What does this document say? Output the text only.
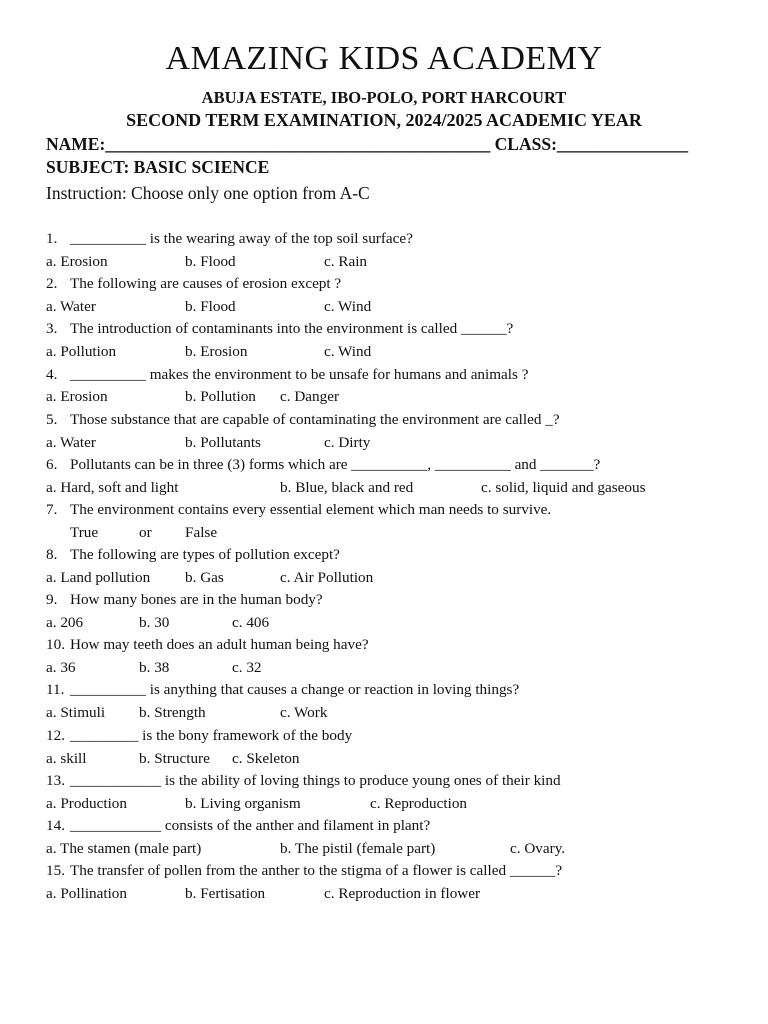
AMAZING KIDS ACADEMY
ABUJA ESTATE, IBO-POLO, PORT HARCOURT
SECOND TERM EXAMINATION, 2024/2025 ACADEMIC YEAR
NAME:____________________________________________ CLASS:_______________
SUBJECT: BASIC SCIENCE
Instruction: Choose only one option from A-C
1. __________ is the wearing away of the top soil surface?
a. Erosion	b. Flood	c. Rain
2. The following are causes of erosion except ?
a. Water	b. Flood	c. Wind
3. The introduction of contaminants into the environment is called ______?
a. Pollution	b. Erosion	c. Wind
4. __________ makes the environment to be unsafe for humans and animals ?
a. Erosion	b. Pollution c. Danger
5. Those substance that are capable of contaminating the environment are called _?
a. Water	b. Pollutants	c. Dirty
6. Pollutants can be in three (3) forms which are __________, __________ and _______?
a. Hard, soft and light	b. Blue, black and red	c. solid, liquid and gaseous
7. The environment contains every essential element which man needs to survive.
True	or False
8. The following are types of pollution except?
a. Land pollution b. Gas	c. Air Pollution
9. How many bones are in the human body?
a. 206	b. 30	c. 406
10. How may teeth does an adult human being have?
a. 36	b. 38	c. 32
11. __________ is anything that causes a change or reaction in loving things?
a. Stimuli b. Strength	c. Work
12. _________ is the bony framework of the body
a. skill	b. Structure c. Skeleton
13. ____________ is the ability of loving things to produce young ones of their kind
a. Production	b. Living organism	c. Reproduction
14. ____________ consists of the anther and filament in plant?
a. The stamen (male part)	b. The pistil (female part)	c. Ovary.
15. The transfer of pollen from the anther to the stigma of a flower is called ______?
a. Pollination	b. Fertisation	c. Reproduction in flower
